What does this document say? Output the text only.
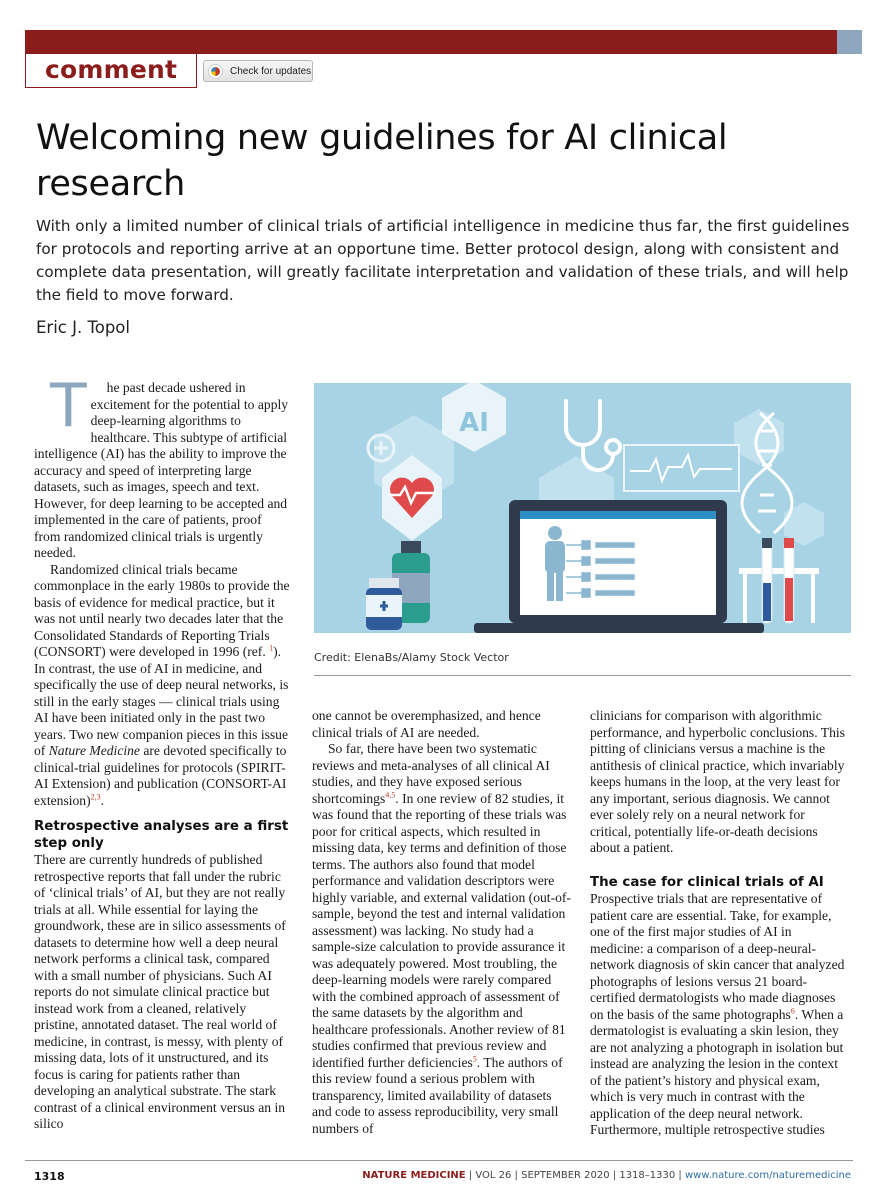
comment	Check for updates
Welcoming new guidelines for AI clinical research

With only a limited number of clinical trials of artificial intelligence in medicine thus far, the first guidelines for protocols and reporting arrive at an opportune time. Better protocol design, along with consistent and complete data presentation, will greatly facilitate interpretation and validation of these trials, and will help the field to move forward.

Eric J. Topol

T he past decade ushered in excitement for the potential to apply deep-learning algorithms to healthcare. This subtype of artificial intelligence (AI) has the ability to improve the accuracy and speed of interpreting large datasets, such as images, speech and text. However, for deep learning to be accepted and implemented in the care of patients, proof from randomized clinical trials is urgently needed.

Randomized clinical trials became commonplace in the early 1980s to provide the basis of evidence for medical practice, but it was not until nearly two decades later that the Consolidated Standards of Reporting Trials (CONSORT) were developed in 1996 (ref. $^1$). In contrast, the use of AI in medicine, and specifically the use of deep neural networks, is still in the early stages — clinical trials using AI have been initiated only in the past two years. Two new companion pieces in this issue of Nature Medicine are devoted specifically to clinical-trial guidelines for protocols (SPIRIT-AI Extension) and publication (CONSORT-AI extension)$^{2,3}$.

Retrospective analyses are a first step only

There are currently hundreds of published retrospective reports that fall under the rubric of ‘clinical trials’ of AI, but they are not really trials at all. While essential for laying the groundwork, these are in silico assessments of datasets to determine how well a deep neural network performs a clinical task, compared with a small number of physicians. Such AI reports do not simulate clinical practice but instead work from a cleaned, relatively pristine, annotated dataset. The real world of medicine, in contrast, is messy, with plenty of missing data, lots of it unstructured, and its focus is caring for patients rather than developing an analytical substrate. The stark contrast of a clinical environment versus an in silico

AI
Credit: ElenaBs/Alamy Stock Vector

one cannot be overemphasized, and hence clinical trials of AI are needed.

So far, there have been two systematic reviews and meta-analyses of all clinical AI studies, and they have exposed serious shortcomings$^{4,5}$. In one review of 82 studies, it was found that the reporting of these trials was poor for critical aspects, which resulted in missing data, key terms and definition of those terms. The authors also found that model performance and validation descriptors were highly variable, and external validation (out-of-sample, beyond the test and internal validation assessment) was lacking. No study had a sample-size calculation to provide assurance it was adequately powered. Most troubling, the deep-learning models were rarely compared with the combined approach of assessment of the same datasets by the algorithm and healthcare professionals. Another review of 81 studies confirmed that previous review and identified further deficiencies$^5$. The authors of this review found a serious problem with transparency, limited availability of datasets and code to assess reproducibility, very small numbers of

clinicians for comparison with algorithmic performance, and hyperbolic conclusions. This pitting of clinicians versus a machine is the antithesis of clinical practice, which invariably keeps humans in the loop, at the very least for any important, serious diagnosis. We cannot ever solely rely on a neural network for critical, potentially life-or-death decisions about a patient.

The case for clinical trials of AI

Prospective trials that are representative of patient care are essential. Take, for example, one of the first major studies of AI in medicine: a comparison of a deep-neural-network diagnosis of skin cancer that analyzed photographs of lesions versus 21 board-certified dermatologists who made diagnoses on the basis of the same photographs$^6$. When a dermatologist is evaluating a skin lesion, they are not analyzing a photograph in isolation but instead are analyzing the lesion in the context of the patient’s history and physical exam, which is very much in contrast with the application of the deep neural network. Furthermore, multiple retrospective studies

1318	NATURE MEDICINE | VOL 26 | SEPTEMBER 2020 | 1318–1330 | www.nature.com/naturemedicine
